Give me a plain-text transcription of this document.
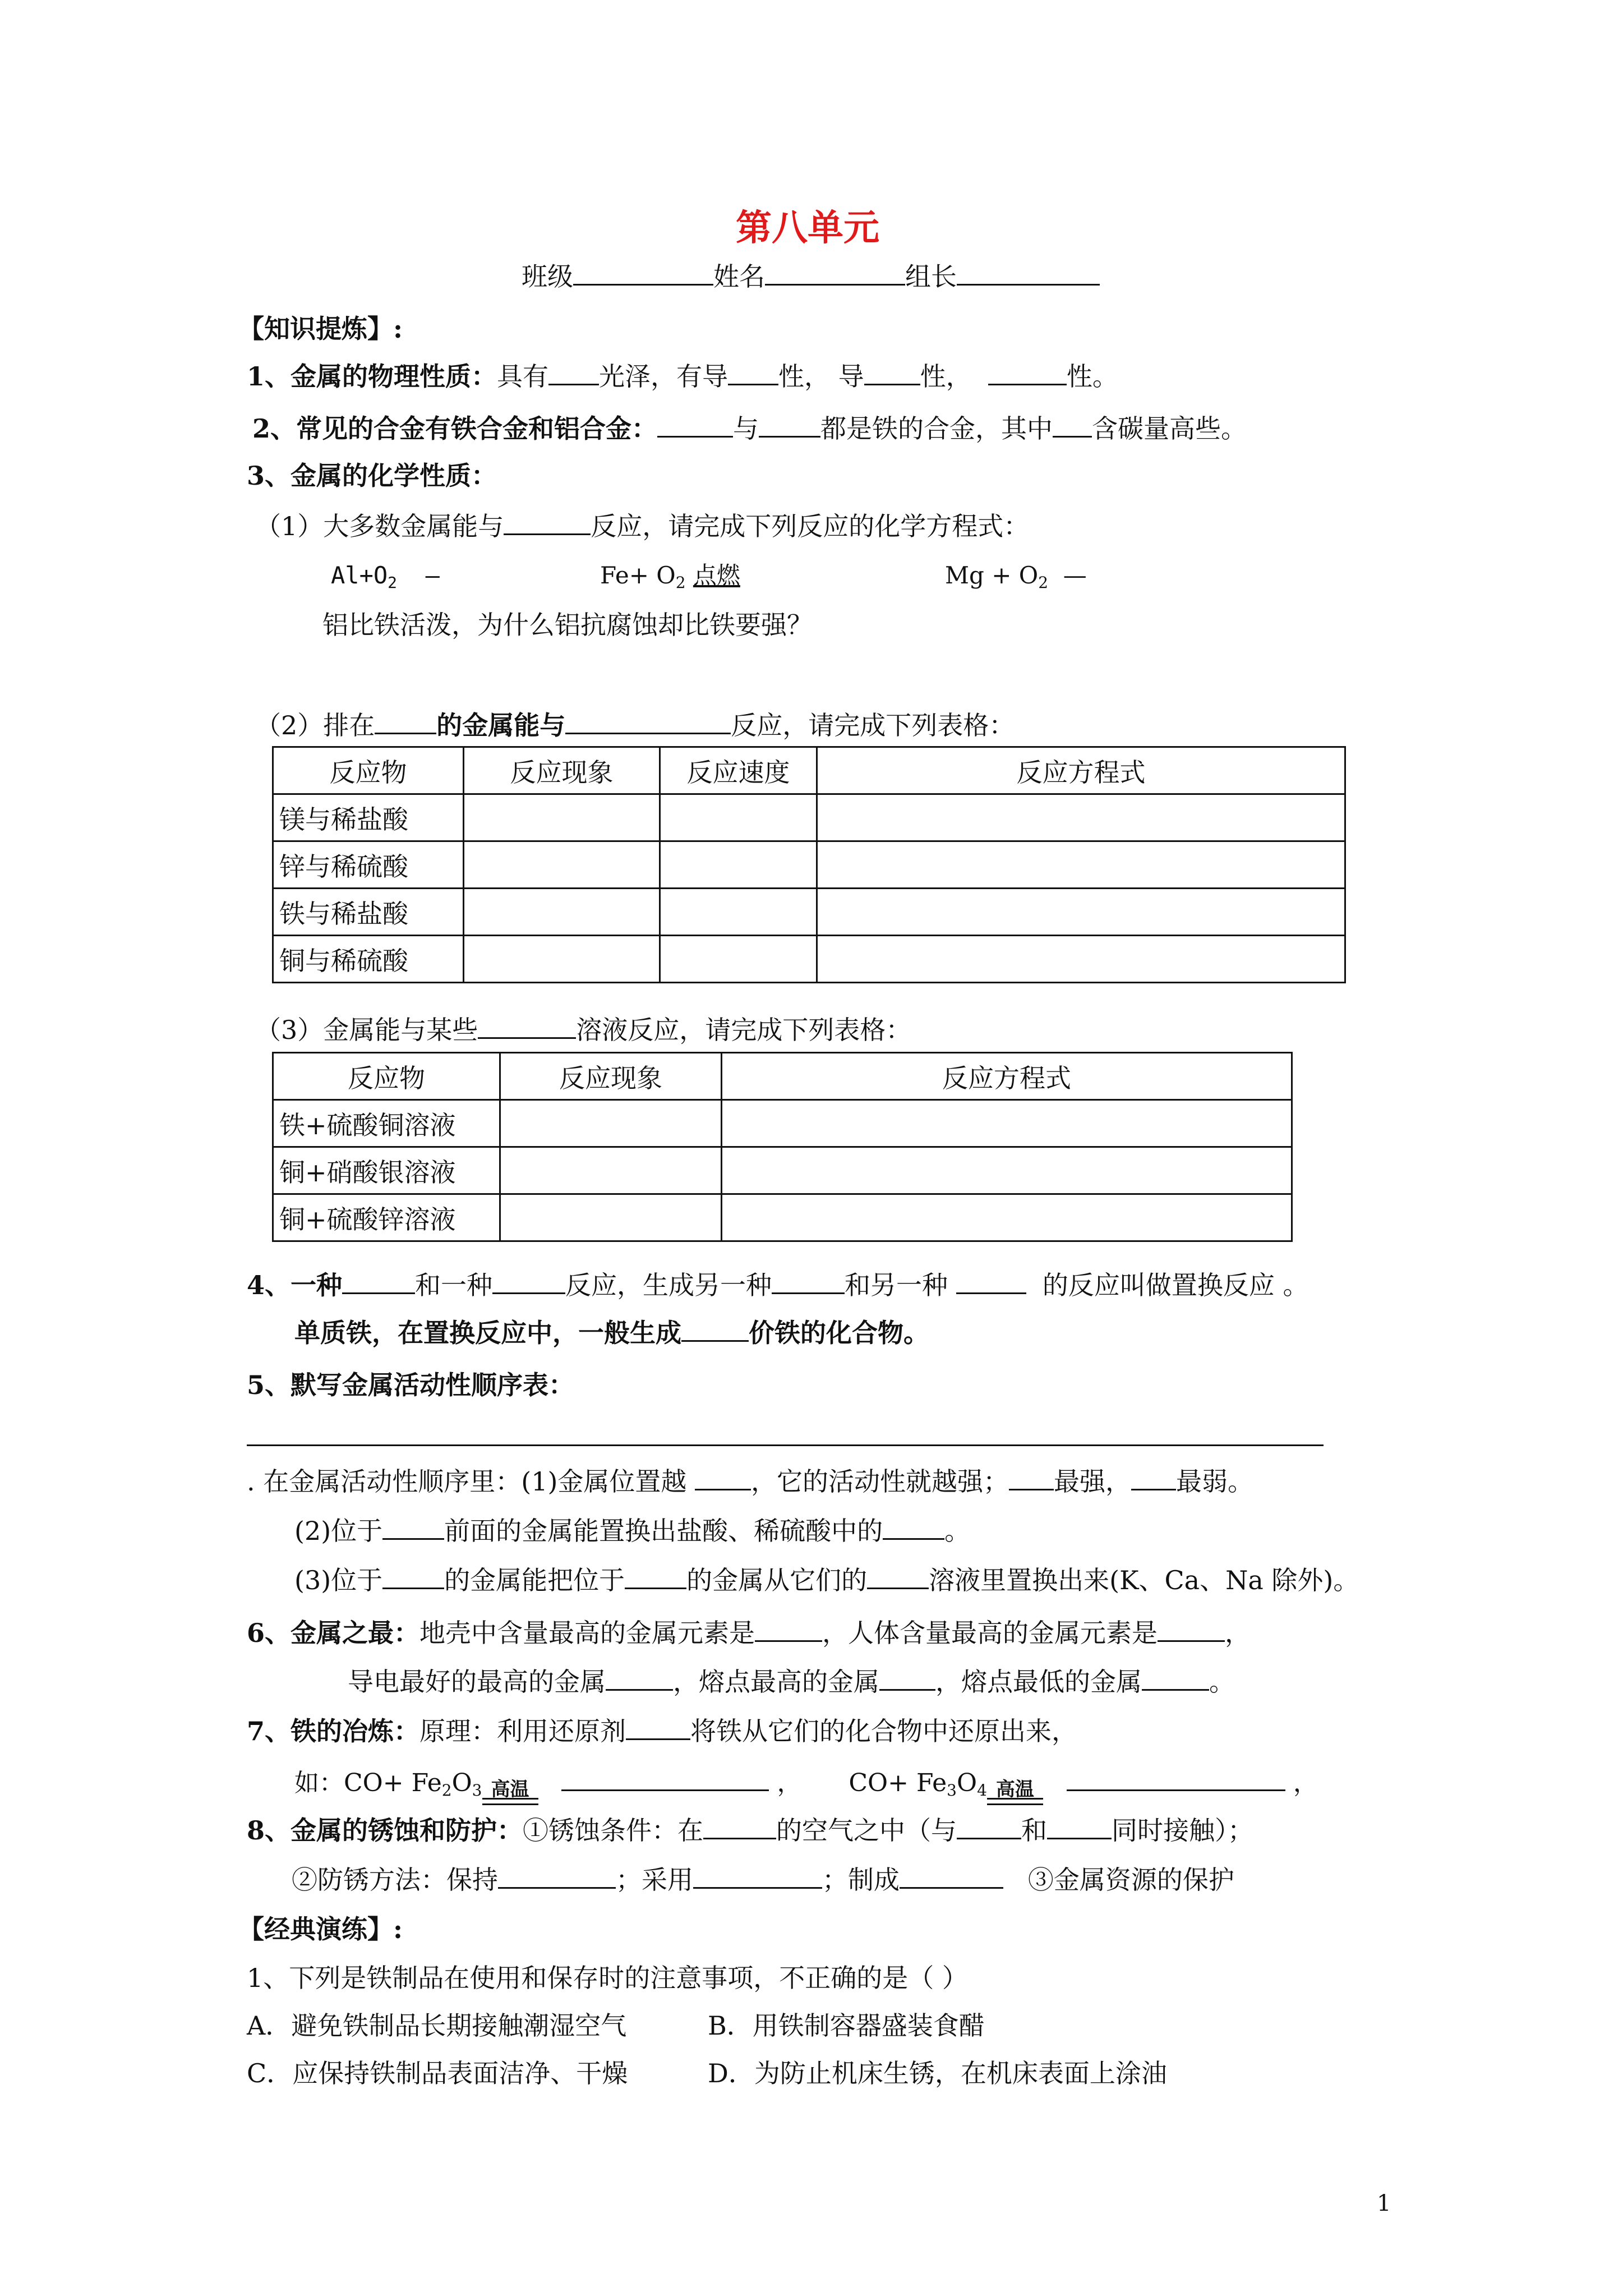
第八单元
班级	姓名	组长
【知识提炼】:
1、金属的物理性质：具有 光泽，有导 性， 导 性，	性。
2、常见的合金有铁合金和铝合金：	与 都是铁的合金，其中 含碳量高些。
3、金属的化学性质：
（1）大多数金属能与	反应，请完成下列反应的化学方程式：
$Al+O_2$ —	$Fe+ O_2$ 点燃	$Mg + O_2$ —
铝比铁活泼，为什么铝抗腐蚀却比铁要强？
（2）排在 的金属能与	反应，请完成下列表格：
反应物	反应现象	反应速度	反应方程式
镁与稀盐酸			
锌与稀硫酸			
铁与稀盐酸			
铜与稀硫酸			
（3）金属能与某些	溶液反应，请完成下列表格：
反应物	反应现象	反应方程式
铁+硫酸铜溶液		
铜+硝酸银溶液		
铜+硫酸锌溶液		
4、一种	和一种	反应，生成另一种	和另一种	的反应叫做置换反应 。
单质铁，在置换反应中，一般生成	价铁的化合物。
5、默写金属活动性顺序表：
. 在金属活动性顺序里：(1)金属位置越 ，它的活动性就越强； 最强， 最弱。
(2)位于 前面的金属能置换出盐酸、稀硫酸中的 。
(3)位于 的金属能把位于 的金属从它们的 溶液里置换出来(K、Ca、Na 除外)。
6、金属之最：地壳中含量最高的金属元素是	，人体含量最高的金属元素是	，
导电最好的最高的金属	，熔点最高的金属 ，熔点最低的金属	。
7、铁的冶炼：原理：利用还原剂	将铁从它们的化合物中还原出来，
如：$CO+ Fe_2O_3$ 高温	， $CO+ Fe_3O_4$ 高温	，
8、金属的锈蚀和防护：①锈蚀条件：在	的空气之中（与	和	同时接触）；
②防锈方法：保持	；采用	；制成	③金属资源的保护
【经典演练】:
1、下列是铁制品在使用和保存时的注意事项，不正确的是（ ）
A．避免铁制品长期接触潮湿空气	B．用铁制容器盛装食醋
C．应保持铁制品表面洁净、干燥	D．为防止机床生锈，在机床表面上涂油
1
